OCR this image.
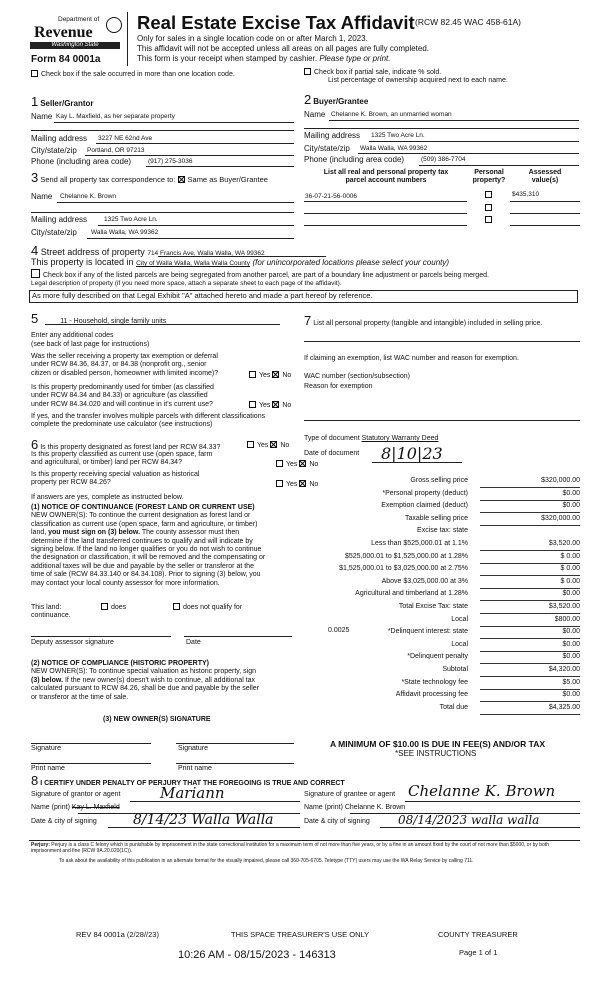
Department of
Revenue
Washington State
Form 84 0001a
Real Estate Excise Tax Affidavit (RCW 82.45 WAC 458-61A)
Only for sales in a single location code on or after March 1, 2023.
This affidavit will not be accepted unless all areas on all pages are fully completed.
This form is your receipt when stamped by cashier. Please type or print.
Check box if the sale occurred in more than one location code.	Check box if partial sale, indicate % sold.
List percentage of ownership acquired next to each name.
1 Seller/Grantor
Name Kay L. Maxfield, as her separate property
Mailing address 3227 NE 62nd Ave
City/state/zip Portland, OR 97213
Phone (including area code)	(917) 275-3036
2 Buyer/Grantee
Name Chelanne K. Brown, an unmarried woman
Mailing address 1325 Two Acre Ln.
City/state/zip Walla Walla, WA 99362
Phone (including area code)	(509) 386-7704
3 Send all property tax correspondence to: Same as Buyer/Grantee
Name Chelanne K. Brown
Mailing address	1325 Two Acre Ln.
City/state/zip Walla Walla, WA 99362
List all real and personal property tax
parcel account numbers
Personal
property?
Assessed
value(s)
36-07-21-56-0006	$435,310
4 Street address of property 714 Francis Ave, Walla Walla, WA 99362
This property is located in City of Walla Walla, Walla Walla County (for unincorporated locations please select your county)
Check box if any of the listed parcels are being segregated from another parcel, are part of a boundary line adjustment or parcels being merged.
Legal description of property (if you need more space, attach a separate sheet to each page of the affidavit).
As more fully described on that Legal Exhibit "A" attached hereto and made a part hereof by reference.
5	11 - Household, single family units
Enter any additional codes
(see back of last page for instructions)
Was the seller receiving a property tax exemption or deferral
under RCW 84.36, 84.37, or 84.38 (nonprofit org., senior
citizen or disabled person, homeowner with limited income)?	Yes No
Is this property predominantly used for timber (as classified
under RCW 84.34 and 84.33) or agriculture (as classified
under RCW 84.34.020 and will continue in it's current use?	Yes No
If yes, and the transfer involves multiple parcels with different classifications
complete the predominate use calculator (see instructions)
7 List all personal property (tangible and intangible) included in selling price.
If claiming an exemption, list WAC number and reason for exemption.
WAC number (section/subsection)
Reason for exemption
Type of document Statutory Warranty Deed
Date of document 8|10|23
6 Is this property designated as forest land per RCW 84.33?	Yes No
Is this property classified as current use (open space, farm
and agricultural, or timber) land per RCW 84.34?	Yes No
Is this property receiving special valuation as historical
property per RCW 84.26?	Yes No
If answers are yes, complete as instructed below.
(1) NOTICE OF CONTINUANCE (FOREST LAND OR CURRENT USE)
NEW OWNER(S): To continue the current designation as forest land or
classification as current use (open space, farm and agriculture, or timber)
land, you must sign on (3) below. The county assessor must then
determine if the land transferred continues to qualify and will indicate by
signing below. If the land no longer qualifies or you do not wish to continue
the designation or classification, it will be removed and the compensating or
additional taxes will be due and payable by the seller or transferor at the
time of sale (RCW 84.33.140 or 84.34.108). Prior to signing (3) below, you
may contact your local county assessor for more information.
This land:
continuance.
does	does not qualify for
Deputy assessor signature	Date
(2) NOTICE OF COMPLIANCE (HISTORIC PROPERTY)
NEW OWNER(S): To continue special valuation as historic property, sign
(3) below. If the new owner(s) doesn't wish to continue, all additional tax
calculated pursuant to RCW 84.26, shall be due and payable by the seller
or transferor at the time of sale.
(3) NEW OWNER(S) SIGNATURE
Signature	Signature
Print name	Print name
Gross selling price	$320,000.00
*Personal property (deduct)	$0.00
Exemption claimed (deduct)	$0.00
Taxable selling price	$320,000.00
Excise tax: state
Less than $525,000.01 at 1.1%	$3,520.00
$525,000.01 to $1,525,000.00 at 1.28%	$ 0.00
$1,525,000.01 to $3,025,000.00 at 2.75%	$ 0.00
Above $3,025,000.00 at 3%	$ 0.00
Agricultural and timberland at 1.28%	$0.00
Total Excise Tax: state	$3,520.00
Local	$800.00
*Delinquent interest: state	$0.00
Local	$0.00
*Delinquent penalty	$0.00
Subtotal	$4,320.00
*State technology fee	$5.00
Affidavit processing fee	$0.00
Total due	$4,325.00
0.0025
A MINIMUM OF $10.00 IS DUE IN FEE(S) AND/OR TAX
*SEE INSTRUCTIONS
8 I CERTIFY UNDER PENALTY OF PERJURY THAT THE FOREGOING IS TRUE AND CORRECT
Signature of grantor or agent	Mariann
Name (print) Kay L. Maxfield
Date & city of signing	8/14/23 Walla Walla
Signature of grantee or agent Chelanne K. Brown
Name (print) Chelanne K. Brown
Date & city of signing 08/14/2023 walla walla
Perjury: Perjury is a class C felony which is punishable by imprisonment in the state correctional institution for a maximum term of not more than five years, or by a fine in an amount fixed by the court of not more than $5000, or by both imprisonment and fine (RCW 9A.20.020(1C)).
To ask about the availability of this publication in an alternate format for the visually impaired, please call 360-705-6705. Teletype (TTY) users may use the WA Relay Service by calling 711.
REV 84 0001a (2/28//23)	THIS SPACE TREASURER'S USE ONLY	COUNTY TREASURER
Page 1 of 1
10:26 AM - 08/15/2023 - 146313
